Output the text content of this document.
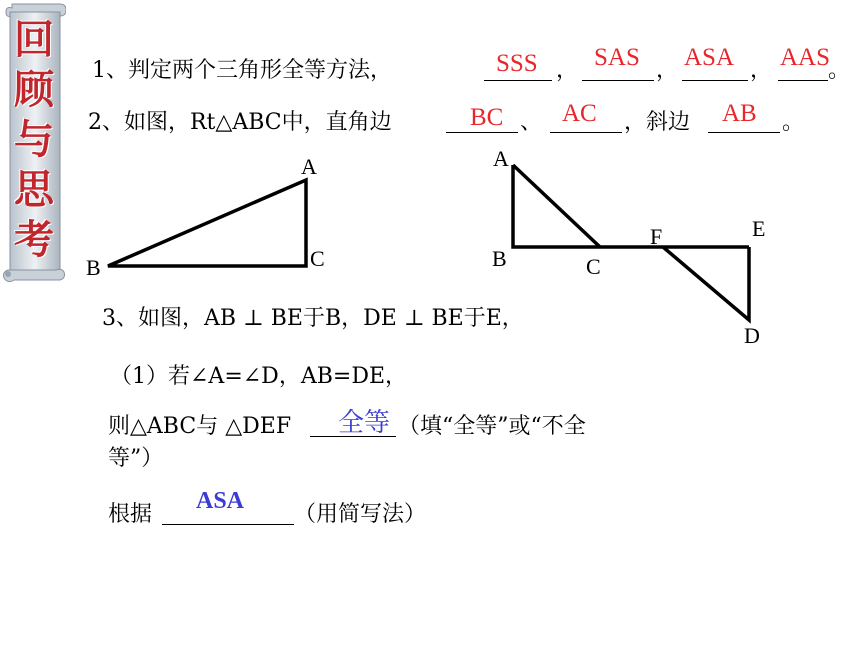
回
顾
与
思
考
1、判定两个三角形全等方法，	SSS ， SAS ， ASA ， AAS
。
2、如图，Rt△ABC中，直角边	BC 、 AC ，斜边 AB 。
A
B	C
A
B	C
F	E
D
3、如图，AB ⊥ BE于B，DE ⊥ BE于E，
（1）若∠A=∠D，AB=DE，
则△ABC与 △DEF 全等 （填“全等”或“不全
等”）
根据
ASA
（用简写法）
